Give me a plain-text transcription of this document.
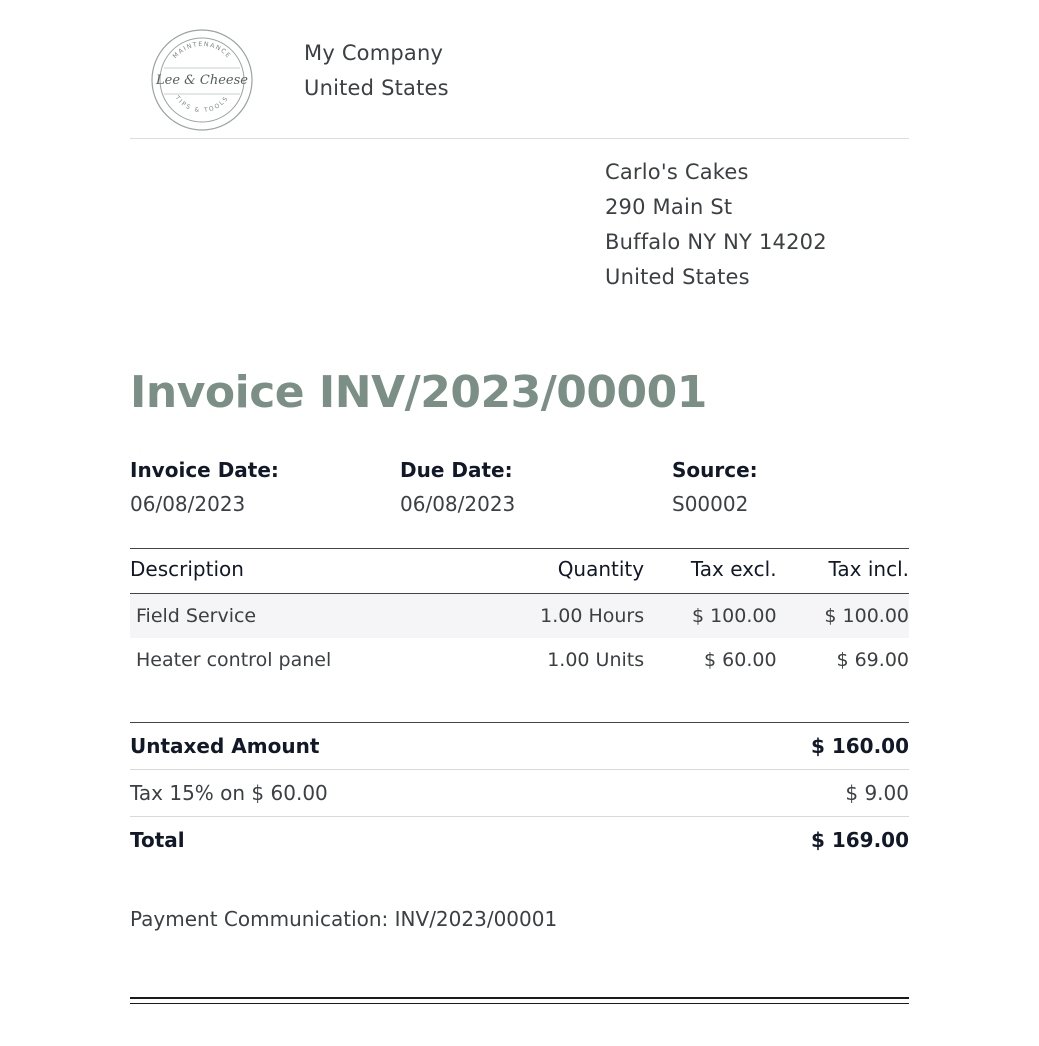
MAINTENANCE
TIPS & TOOLS
Lee & Cheese
My Company
United States
Carlo's Cakes
290 Main St
Buffalo NY NY 14202
United States
Invoice INV/2023/00001
Invoice Date:
06/08/2023
Due Date:
06/08/2023
Source:
S00002
Description	Quantity	Tax excl.	Tax incl.
Field Service	1.00 Hours	$ 100.00	$ 100.00
Heater control panel	1.00 Units	$ 60.00	$ 69.00
Untaxed Amount	$ 160.00
Tax 15% on $ 60.00	$ 9.00
Total	$ 169.00
Payment Communication: INV/2023/00001
